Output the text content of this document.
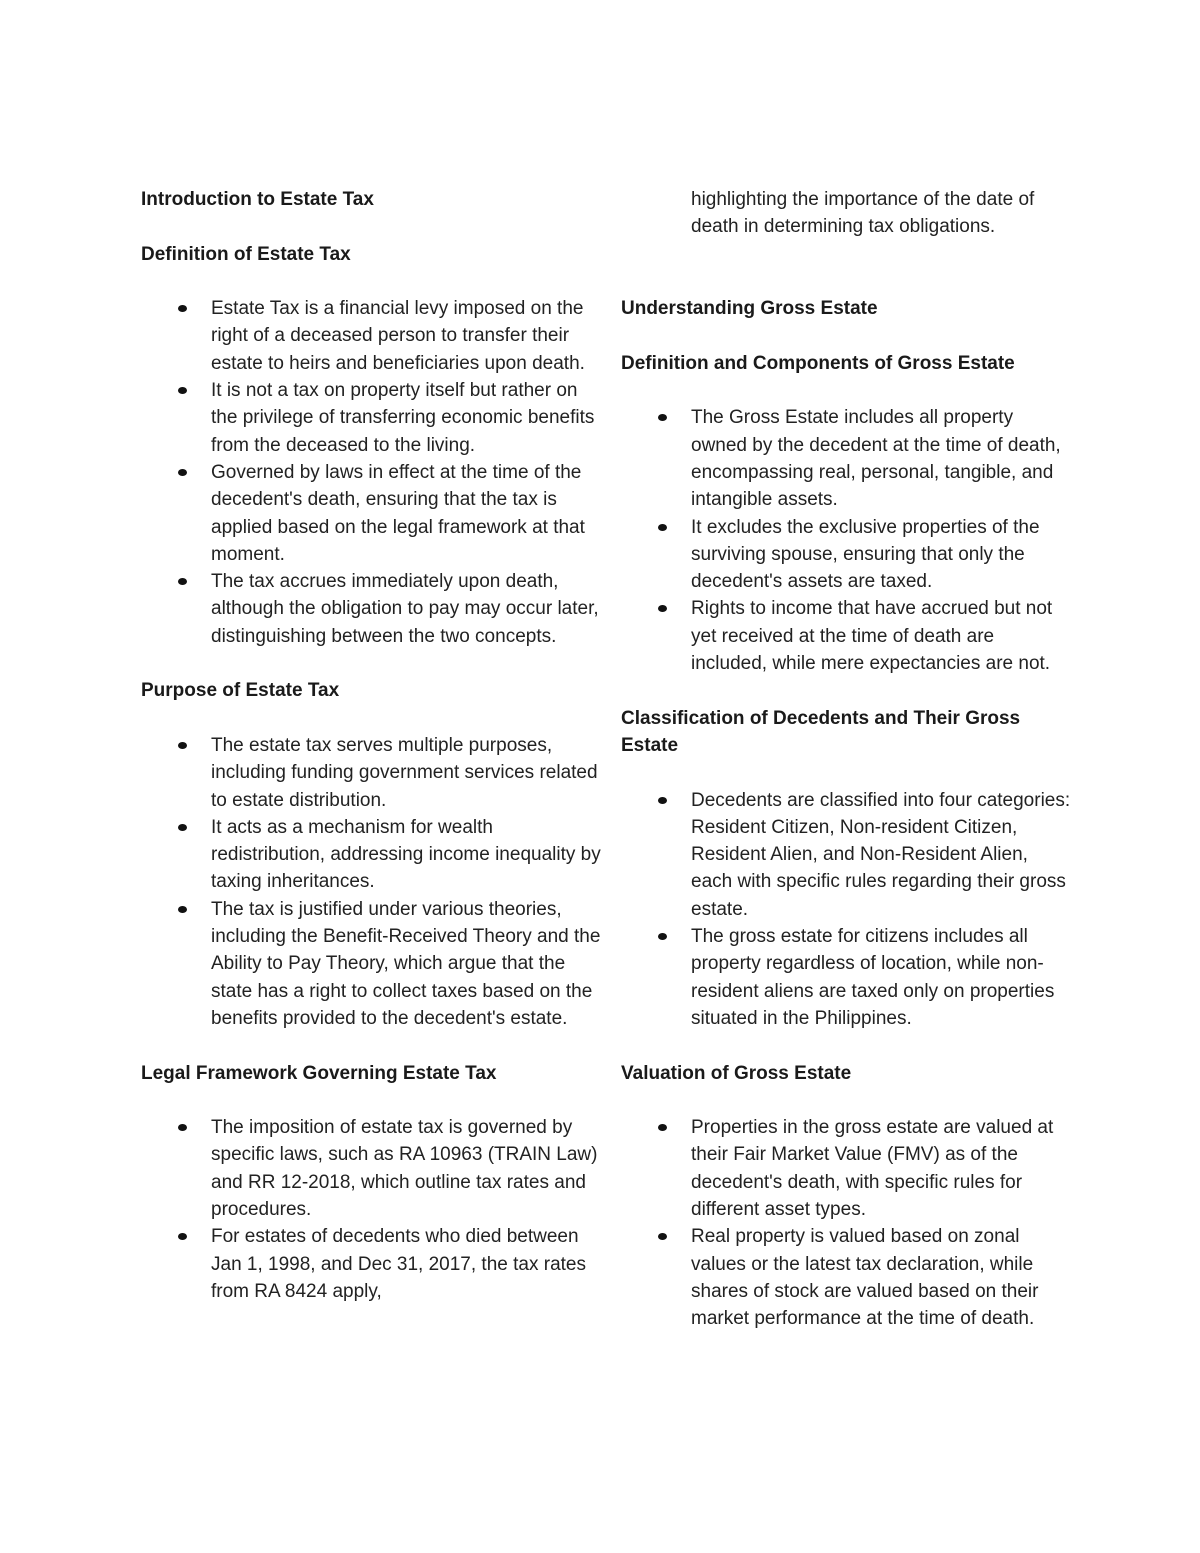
Introduction to Estate Tax
Definition of Estate Tax
Estate Tax is a financial levy imposed on the right of a deceased person to transfer their estate to heirs and beneficiaries upon death.
It is not a tax on property itself but rather on the privilege of transferring economic benefits from the deceased to the living.
Governed by laws in effect at the time of the decedent's death, ensuring that the tax is applied based on the legal framework at that moment.
The tax accrues immediately upon death, although the obligation to pay may occur later, distinguishing between the two concepts.
Purpose of Estate Tax
The estate tax serves multiple purposes, including funding government services related to estate distribution.
It acts as a mechanism for wealth redistribution, addressing income inequality by taxing inheritances.
The tax is justified under various theories, including the Benefit-Received Theory and the Ability to Pay Theory, which argue that the state has a right to collect taxes based on the benefits provided to the decedent's estate.
Legal Framework Governing Estate Tax
The imposition of estate tax is governed by specific laws, such as RA 10963 (TRAIN Law) and RR 12-2018, which outline tax rates and procedures.
For estates of decedents who died between Jan 1, 1998, and Dec 31, 2017, the tax rates from RA 8424 apply,

highlighting the importance of the date of death in determining tax obligations.

Understanding Gross Estate
Definition and Components of Gross Estate
The Gross Estate includes all property owned by the decedent at the time of death, encompassing real, personal, tangible, and intangible assets.
It excludes the exclusive properties of the surviving spouse, ensuring that only the decedent's assets are taxed.
Rights to income that have accrued but not yet received at the time of death are included, while mere expectancies are not.
Classification of Decedents and Their Gross Estate
Decedents are classified into four categories: Resident Citizen, Non-resident Citizen, Resident Alien, and Non-Resident Alien, each with specific rules regarding their gross estate.
The gross estate for citizens includes all property regardless of location, while non-resident aliens are taxed only on properties situated in the Philippines.
Valuation of Gross Estate
Properties in the gross estate are valued at their Fair Market Value (FMV) as of the decedent's death, with specific rules for different asset types.
Real property is valued based on zonal values or the latest tax declaration, while shares of stock are valued based on their market performance at the time of death.
